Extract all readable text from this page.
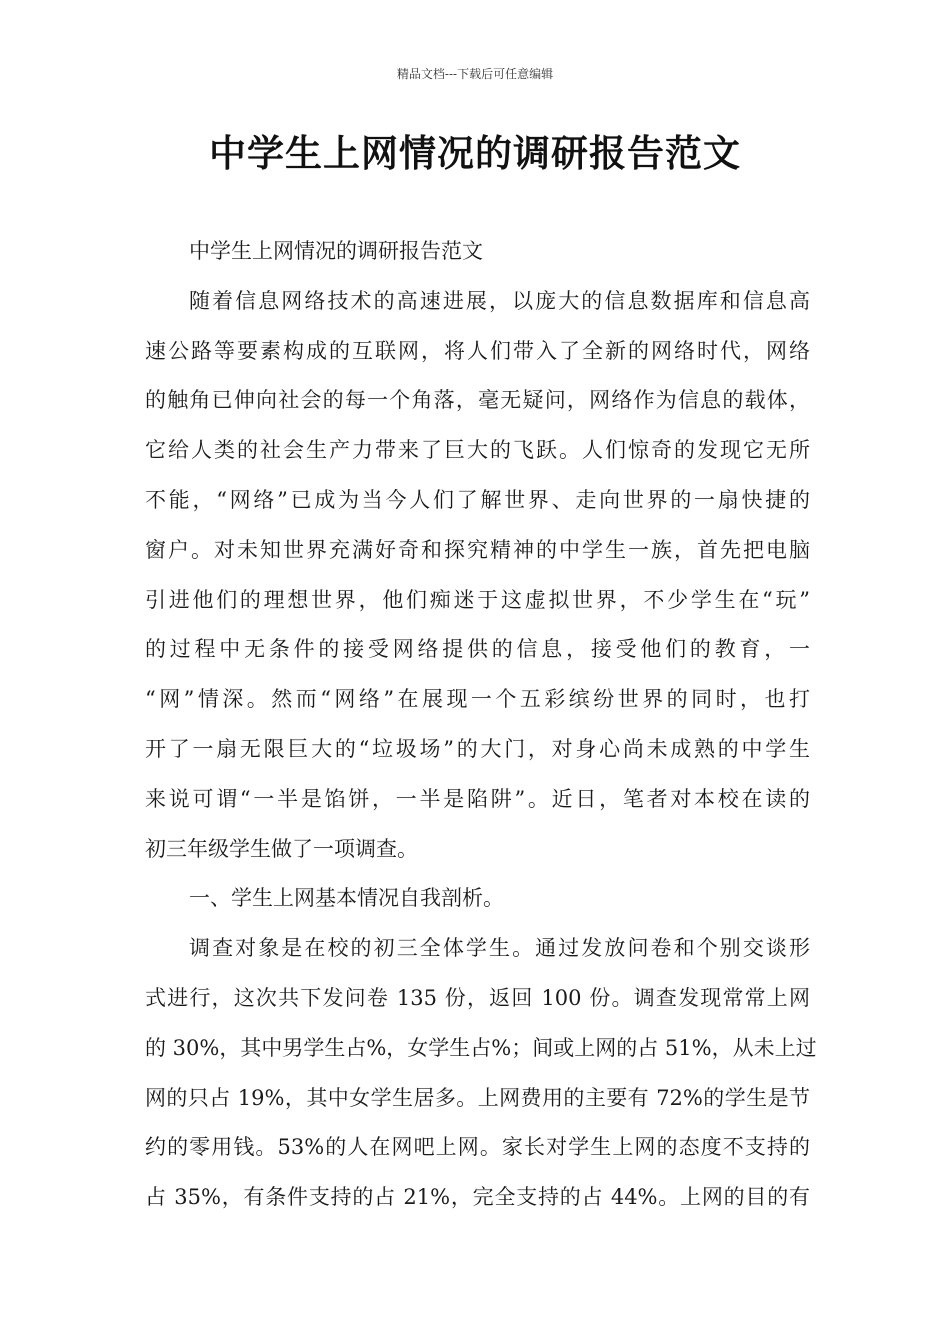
精品文档---下载后可任意编辑
中学生上网情况的调研报告范文
中学生上网情况的调研报告范文
随着信息网络技术的高速进展，以庞大的信息数据库和信息高
速公路等要素构成的互联网，将人们带入了全新的网络时代，网络
的触角已伸向社会的每一个角落，毫无疑问，网络作为信息的载体，
它给人类的社会生产力带来了巨大的飞跃。人们惊奇的发现它无所
不能，“网络”已成为当今人们了解世界、走向世界的一扇快捷的
窗户。对未知世界充满好奇和探究精神的中学生一族，首先把电脑
引进他们的理想世界，他们痴迷于这虚拟世界，不少学生在“玩”
的过程中无条件的接受网络提供的信息，接受他们的教育，一
“网”情深。然而“网络”在展现一个五彩缤纷世界的同时，也打
开了一扇无限巨大的“垃圾场”的大门，对身心尚未成熟的中学生
来说可谓“一半是馅饼，一半是陷阱”。近日，笔者对本校在读的
初三年级学生做了一项调查。
一、学生上网基本情况自我剖析。
调查对象是在校的初三全体学生。通过发放问卷和个别交谈形
式进行，这次共下发问卷 135 份，返回 100 份。调查发现常常上网
的 30%，其中男学生占%，女学生占%；间或上网的占 51%，从未上过
网的只占 19%，其中女学生居多。上网费用的主要有 72%的学生是节
约的零用钱。53%的人在网吧上网。家长对学生上网的态度不支持的
占 35%，有条件支持的占 21%，完全支持的占 44%。上网的目的有
